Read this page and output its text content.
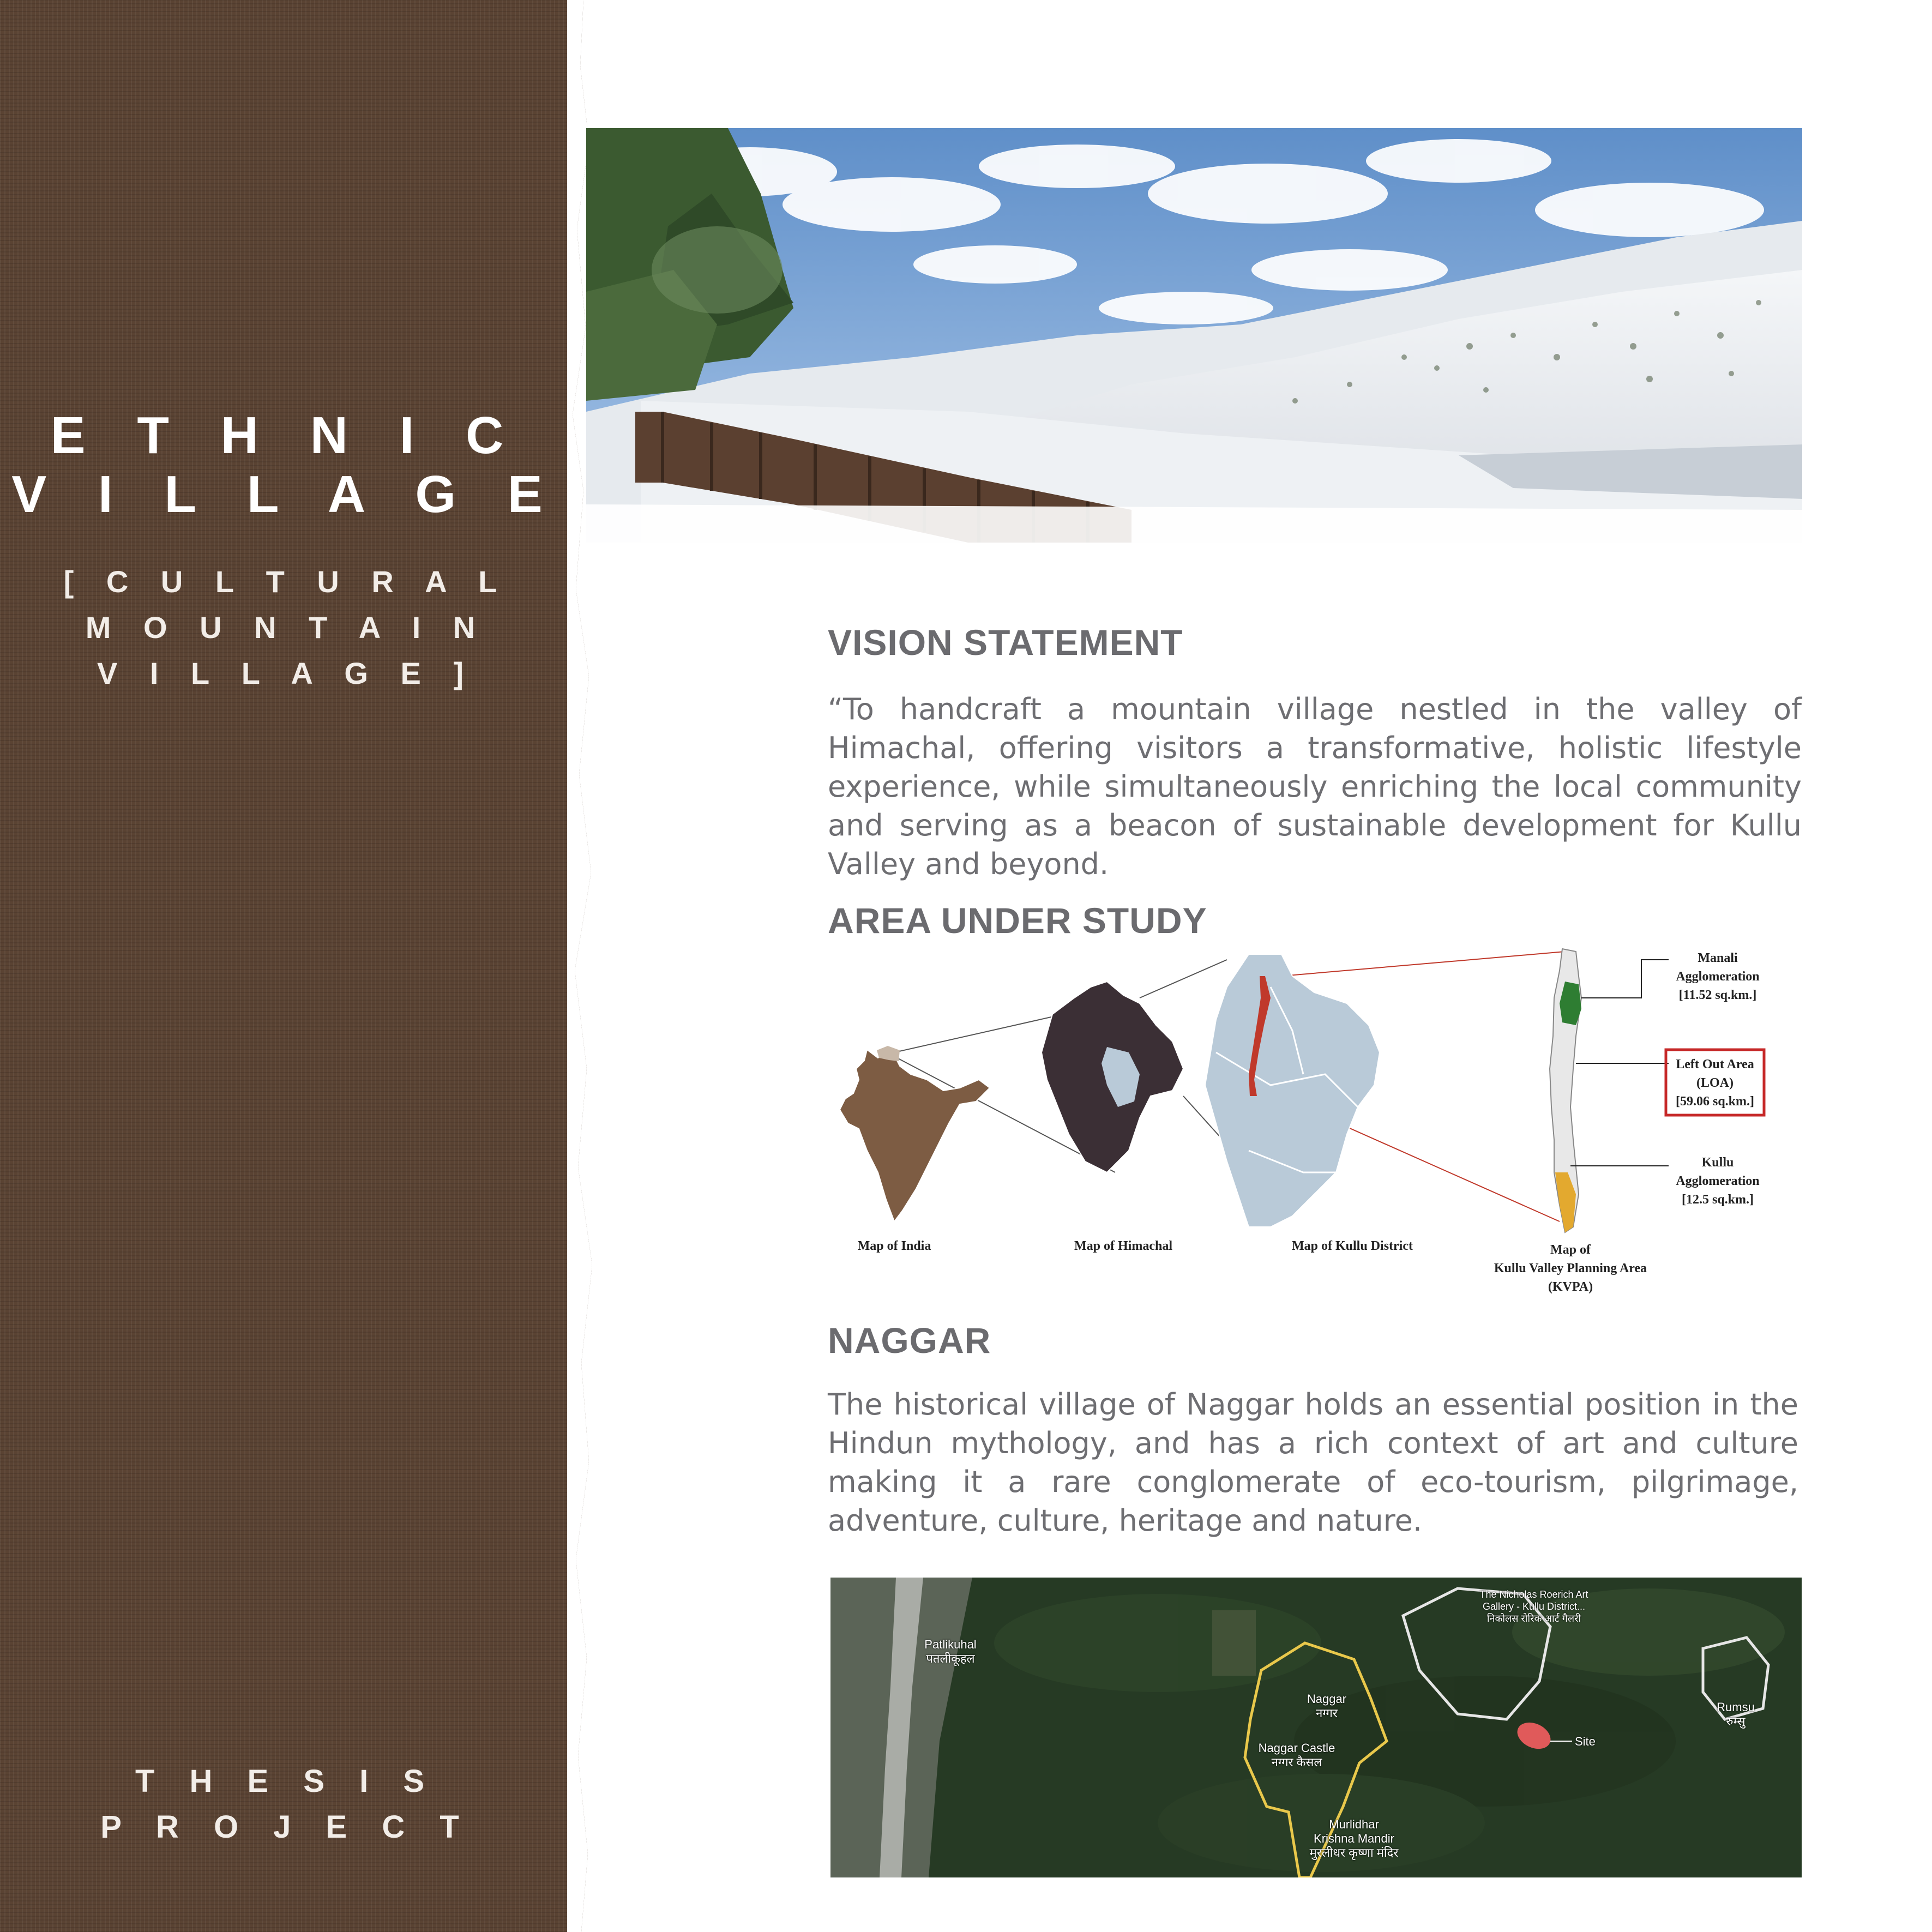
E T H N I C
V I L L A G E
[ C U L T U R A L
M O U N T A I N
V I L L A G E ]
T H E S I S
P R O J E C T
VISION STATEMENT
“To handcraft a mountain village nestled in the valley of Himachal, offering visitors a transformative, holistic lifestyle experience, while simultaneously enriching the local community and serving as a beacon of sustainable development for Kullu Valley and beyond.
AREA UNDER STUDY
Map of India	Map of Himachal	Map of Kullu District	Map of
Kullu Valley Planning Area
(KVPA)
Manali
Agglomeration
[11.52 sq.km.]
Left Out Area
(LOA)
[59.06 sq.km.]
Kullu
Agglomeration
[12.5 sq.km.]
NAGGAR
The historical village of Naggar holds an essential position in the Hindun mythology, and has a rich context of art and culture making it a rare conglomerate of eco-tourism, pilgrimage, adventure, culture, heritage and nature.
Patlikuhal
पतलीकूहल
The Nicholas Roerich Art
Gallery - Kullu District...
निकोलस रोरिक आर्ट गैलरी
Naggar
नग्गर
Naggar Castle
नग्गर कैसल
Site
Rumsu
रुम्सु
Murlidhar
Krishna Mandir
मुरलीधर कृष्णा मंदिर
